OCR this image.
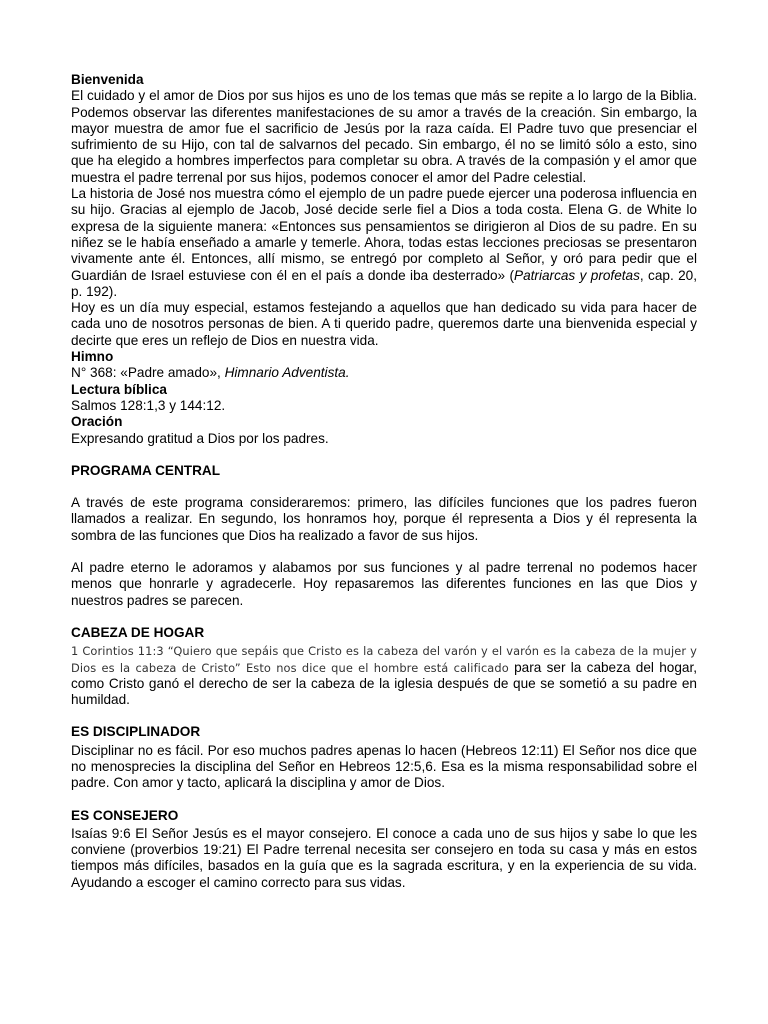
Bienvenida

El cuidado y el amor de Dios por sus hijos es uno de los temas que más se repite a lo largo de la Biblia. Podemos observar las diferentes manifestaciones de su amor a través de la creación. Sin embargo, la mayor muestra de amor fue el sacrificio de Jesús por la raza caída. El Padre tuvo que presenciar el sufrimiento de su Hijo, con tal de salvarnos del pecado. Sin embargo, él no se limitó sólo a esto, sino que ha elegido a hombres imperfectos para completar su obra. A través de la compasión y el amor que muestra el padre terrenal por sus hijos, podemos conocer el amor del Padre celestial.

La historia de José nos muestra cómo el ejemplo de un padre puede ejercer una poderosa influencia en su hijo. Gracias al ejemplo de Jacob, José decide serle fiel a Dios a toda costa. Elena G. de White lo expresa de la siguiente manera: «Entonces sus pensamientos se dirigieron al Dios de su padre. En su niñez se le había enseñado a amarle y temerle. Ahora, todas estas lecciones preciosas se presentaron vivamente ante él. Entonces, allí mismo, se entregó por completo al Señor, y oró para pedir que el Guardián de Israel estuviese con él en el país a donde iba desterrado» (Patriarcas y profetas, cap. 20, p. 192).

Hoy es un día muy especial, estamos festejando a aquellos que han dedicado su vida para hacer de cada uno de nosotros personas de bien. A ti querido padre, queremos darte una bienvenida especial y decirte que eres un reflejo de Dios en nuestra vida.

Himno

N° 368: «Padre amado», Himnario Adventista.

Lectura bíblica

Salmos 128:1,3 y 144:12.

Oración

Expresando gratitud a Dios por los padres.

PROGRAMA CENTRAL

A través de este programa consideraremos: primero, las difíciles funciones que los padres fueron llamados a realizar. En segundo, los honramos hoy, porque él representa a Dios y él representa la sombra de las funciones que Dios ha realizado a favor de sus hijos.

Al padre eterno le adoramos y alabamos por sus funciones y al padre terrenal no podemos hacer menos que honrarle y agradecerle. Hoy repasaremos las diferentes funciones en las que Dios y nuestros padres se parecen.

CABEZA DE HOGAR

1 Corintios 11:3 “Quiero que sepáis que Cristo es la cabeza del varón y el varón es la cabeza de la mujer y Dios es la cabeza de Cristo” Esto nos dice que el hombre está calificado para ser la cabeza del hogar, como Cristo ganó el derecho de ser la cabeza de la iglesia después de que se sometió a su padre en humildad.

ES DISCIPLINADOR

Disciplinar no es fácil. Por eso muchos padres apenas lo hacen (Hebreos 12:11) El Señor nos dice que no menosprecies la disciplina del Señor en Hebreos 12:5,6. Esa es la misma responsabilidad sobre el padre. Con amor y tacto, aplicará la disciplina y amor de Dios.

ES CONSEJERO

Isaías 9:6 El Señor Jesús es el mayor consejero. El conoce a cada uno de sus hijos y sabe lo que les conviene (proverbios 19:21) El Padre terrenal necesita ser consejero en toda su casa y más en estos tiempos más difíciles, basados en la guía que es la sagrada escritura, y en la experiencia de su vida. Ayudando a escoger el camino correcto para sus vidas.
